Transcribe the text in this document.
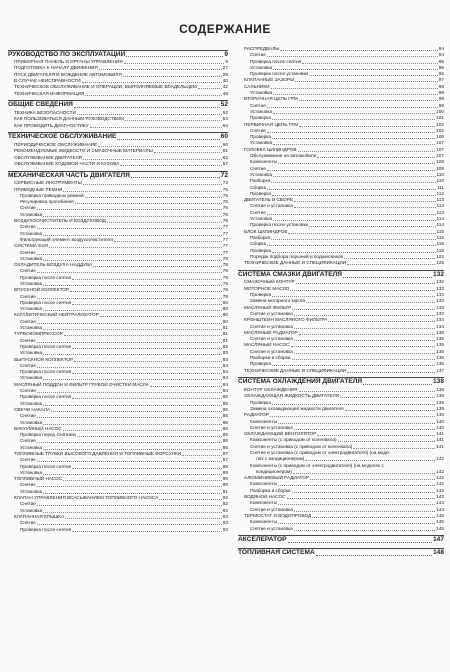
СОДЕРЖАНИЕ
РУКОВОДСТВО ПО ЭКСПЛУАТАЦИИ	9
ПРИБОРНАЯ ПАНЕЛЬ И ОРГАНЫ УПРАВЛЕНИЯ	9
ПОДГОТОВКА К НАЧАЛУ ДВИЖЕНИЯ	27
ПУСК ДВИГАТЕЛЯ И ВОЖДЕНИЕ АВТОМОБИЛЯ	28
В СЛУЧАЕ НЕИСПРАВНОСТИ	40
ТЕХНИЧЕСКОЕ ОБСЛУЖИВАНИЕ И ОПЕРАЦИИ, ВЫПОЛНЯЕМЫЕ ВЛАДЕЛЬЦЕМ	42
ТЕХНИЧЕСКАЯ ИНФОРМАЦИЯ	49
ОБЩИЕ СВЕДЕНИЯ	52
ТЕХНИКА БЕЗОПАСНОСТИ	52
КАК ПОЛЬЗОВАТЬСЯ ДАННЫМ РУКОВОДСТВОМ	53
КАК ПРОВОДИТЬ ДИАГНОСТИКУ	54
ТЕХНИЧЕСКОЕ ОБСЛУЖИВАНИЕ	60
ПЕРИОДИЧЕСКОЕ ОБСЛУЖИВАНИЕ	60
РЕКОМЕНДУЕМЫЕ ЖИДКОСТИ И СМАЗОЧНЫЕ МАТЕРИАЛЫ	61
ОБСЛУЖИВАНИЕ ДВИГАТЕЛЯ	62
ОБСЛУЖИВАНИЕ ХОДОВОЙ ЧАСТИ И КУЗОВА	67
МЕХАНИЧЕСКАЯ ЧАСТЬ ДВИГАТЕЛЯ	72
СЕРВИСНЫЕ ИНСТРУМЕНТЫ	72
ПРИВОДНЫЕ РЕМНИ	75
Проверка приводных ремней	75
Регулировка прогибания	75
Снятие	76
Установка	76
ВОЗДУХООЧИСТИТЕЛЬ И ВОЗДУХОВОД	76
Снятие	77
Установка	77
Фильтрующий элемент воздухоочистителя	77
СИСТЕМА EGR	77
Снятие	77
Установка	78
ОХЛАДИТЕЛЬ ВОЗДУХА НАДДУВА	78
Снятие	78
Проверка после снятия	78
Установка	78
ВПУСКНОЙ КОЛЛЕКТОР	79
Снятие	79
Проверка после снятия	80
Установка	80
КАТАЛИТИЧЕСКИЙ НЕЙТРАЛИЗАТОР	80
Снятие	80
Установка	81
ТУРБОКОМПРЕССОР	81
Снятие	81
Проверка после снятия	82
Установка	83
ВЫПУСКНОЙ КОЛЛЕКТОР	83
Снятие	84
Проверка после снятия	84
Установка	84
МАСЛЯНЫЙ ПОДДОН И ФИЛЬТР ГРУБОЙ ОЧИСТКИ МАСЛА	84
Снятие	84
Проверка после снятия	85
Установка	85
СВЕЧИ НАКАЛА	85
Снятие	85
Установка	86
ВАКУУМНЫЙ НАСОС	86
Проверка перед Снятием	86
Снятие	86
Установка	86
ТОПЛИВНЫЕ ТРУБКИ ВЫСОКОГО ДАВЛЕНИЯ И ТОПЛИВНЫЕ ФОРСУНКИ	87
Снятие	87
Проверка после снятия	88
Установка	89
ТОПЛИВНЫЙ НАСОС	90
Снятие	90
Установка	91
КЛАПАН УПРАВЛЕНИЯ ВСАСЫВАНИЕМ ТОПЛИВНОГО НАСОСА	92
Снятие	92
Установка	92
КЛАПАННАЯ КРЫШКА	93
Снятие	93
Проверка после снятия	93
РАСПРЕДВАЛЫ	94
Снятие	94
Проверка после снятия	95
Установка	96
Проверка после установки	96
КЛАПАННЫЕ ЗАЗОРЫ	97
САЛЬНИКИ	98
Установка	98
ВТОРИЧНАЯ ЦЕПЬ ГРМ	99
Снятие	99
Установка	100
Проверка	101
ПЕРВИЧНАЯ ЦЕПЬ ГРМ	102
Снятие	102
Проверка	106
Установка	107
ГОЛОВКА ЦИЛИНДРОВ	107
Обслуживание на автомобиле	107
Компоненты	108
Снятие	109
Установка	110
Разборка	110
Сборка	111
Проверка	112
ДВИГАТЕЛЬ В СБОРЕ	113
Снятие и установка	113
Снятие	113
Установка	114
Проверка после установки	114
БЛОК ЦИЛИНДРОВ	115
Разборка	115
Сборка	116
Проверка	118
Порядок подбора поршней и подшипников	122
ТЕХНИЧЕСКИЕ ДАННЫЕ И СПЕЦИФИКАЦИИ	125
СИСТЕМА СМАЗКИ ДВИГАТЕЛЯ	132
СМАЗОЧНЫЙ КОНТУР	132
МОТОРНОЕ МАСЛО	133
Проверка	133
Замена моторного масла	133
МАСЛЯНЫЙ ФИЛЬТР	133
Снятие и установка	133
КРОНШТЕЙН МАСЛЯНОГО ФИЛЬТРА	134
Снятие и установка	134
МАСЛЯНЫЙ РАДИАТОР	135
Снятие и установка	135
МАСЛЯНЫЙ НАСОС	135
Снятие и установка	135
Разборка и сборка	136
Проверка	136
ТЕХНИЧЕСКИЕ ДАННЫЕ И СПЕЦИФИКАЦИИ	137
СИСТЕМА ОХЛАЖДЕНИЯ ДВИГАТЕЛЯ	138
КОНТУР ОХЛАЖДЕНИЯ	138
ОХЛАЖДАЮЩАЯ ЖИДКОСТЬ ДВИГАТЕЛЯ	139
Проверка	139
Замена охлаждающей жидкости двигателя	139
РАДИАТОР	140
Компоненты	140
Снятие и установка	140
ОХЛАЖДАЮЩИЙ ВЕНТИЛЯТОР	141
Компоненты (с приводом от коленвала)	141
Снятие и установка (с приводом от коленвала)	141
Снятие и установка (с приводом от электродвигателя) (на моде-
лях с кондиционером)	142
Компоненты (с приводом от электродвигателя) (на моделях с
кондиционером)	142
АЛЮМИНИЕВЫЙ РАДИАТОР	142
Компоненты	142
Разборка и сборка	142
ВОДЯНОЙ НАСОС	143
Компоненты	144
Снятие и установка	144
ТЕРМОСТАТ И ВОДОПРОВОД	145
Компоненты	145
Снятие и установка	145
АКСЕЛЕРАТОР	147
ТОПЛИВНАЯ СИСТЕМА	148
